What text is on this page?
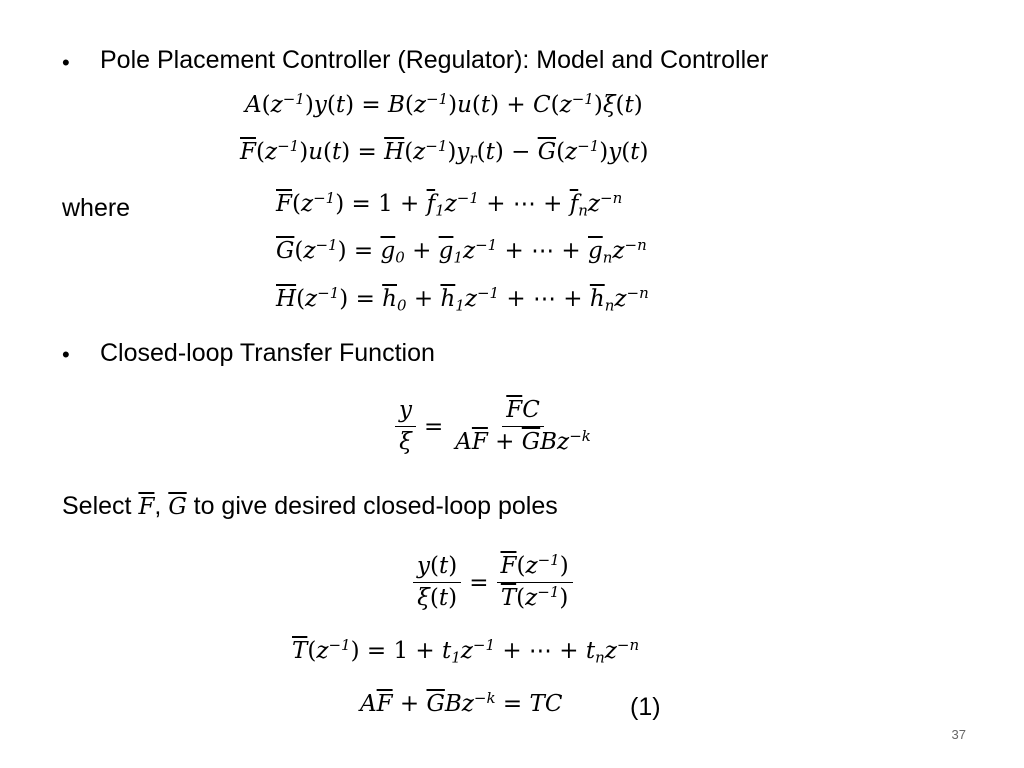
• Pole Placement Controller (Regulator): Model and Controller
$A(z^{-1})y(t) = B(z^{-1})u(t) + C(z^{-1})\xi(t)$
$\overline{F}(z^{-1})u(t) = \overline{H}(z^{-1})y_r(t) - \overline{G}(z^{-1})y(t)$
where	$\overline{F}(z^{-1}) = 1 + \overline{f}_1z^{-1}$ + ⋯ + $\overline{f}_nz^{-n}$
$\overline{G}(z^{-1}) = \overline{g}_0 + \overline{g}_1z^{-1}$ + ⋯ + $\overline{g}_nz^{-n}$
$\overline{H}(z^{-1}) = \overline{h}_0 + \overline{h}_1z^{-1}$ + ⋯ + $\overline{h}_nz^{-n}$
• Closed-loop Transfer Function
$\frac{y}{\xi}$ =
$\overline{F}C$
$A\overline{F} + \overline{G}Bz^{-k}$
Select $\overline{F}$, $\overline{G}$ to give desired closed-loop poles
$\frac{y(t)}{\xi(t)} = \frac{\overline{F}(z^{-1})}{\overline{T}(z^{-1})}$
$\overline{T}(z^{-1}) = 1 + t_1z^{-1}$ + ⋯ + $t_nz^{-n}$
$A\overline{F} + \overline{G}Bz^{-k}$ = TC	(1)
37
